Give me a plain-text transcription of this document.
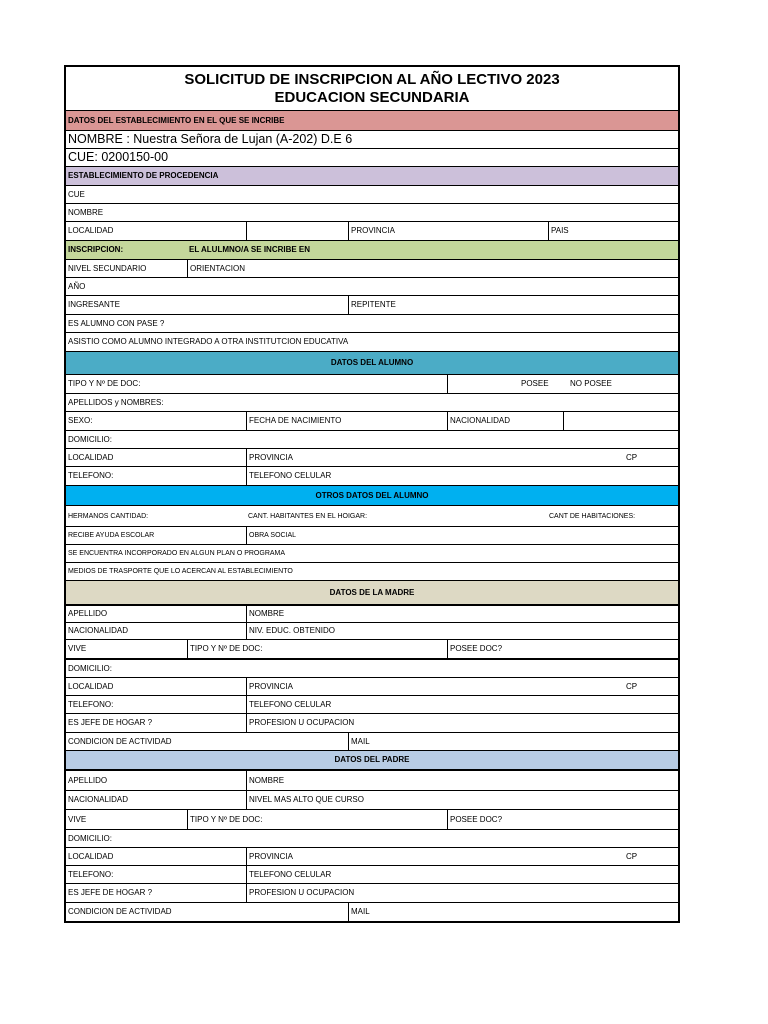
SOLICITUD DE INSCRIPCION AL AÑO LECTIVO 2023
EDUCACION SECUNDARIA
DATOS DEL ESTABLECIMIENTO EN EL QUE SE INCRIBE
NOMBRE : Nuestra Señora de Lujan (A-202) D.E 6
CUE: 0200150-00
ESTABLECIMIENTO DE PROCEDENCIA
CUE
NOMBRE
LOCALIDAD	PROVINCIA	PAIS
INSCRIPCION:	EL ALULMNO/A SE INCRIBE EN
NIVEL SECUNDARIO	ORIENTACION
AÑO
INGRESANTE	REPITENTE
ES ALUMNO CON PASE ?
ASISTIO COMO ALUMNO INTEGRADO A OTRA INSTITUTCION EDUCATIVA
DATOS DEL ALUMNO
TIPO Y Nº DE DOC:	POSEE	NO POSEE
APELLIDOS y NOMBRES:
SEXO:	FECHA DE NACIMIENTO	NACIONALIDAD
DOMICILIO:
LOCALIDAD	PROVINCIA	CP
TELEFONO:	TELEFONO CELULAR
OTROS DATOS DEL ALUMNO
HERMANOS CANTIDAD:	CANT. HABITANTES EN EL HOIGAR:	CANT DE HABITACIONES:
RECIBE AYUDA ESCOLAR	OBRA SOCIAL
SE ENCUENTRA INCORPORADO EN ALGUN PLAN O PROGRAMA
MEDIOS DE TRASPORTE QUE LO ACERCAN AL ESTABLECIMIENTO
DATOS DE LA MADRE
APELLIDO	NOMBRE
NACIONALIDAD	NIV. EDUC. OBTENIDO
VIVE	TIPO Y Nº DE DOC:	POSEE DOC?
DOMICILIO:
LOCALIDAD	PROVINCIA	CP
TELEFONO:	TELEFONO CELULAR
ES JEFE DE HOGAR ?	PROFESION U OCUPACION
CONDICION DE ACTIVIDAD	MAIL
DATOS DEL PADRE
APELLIDO	NOMBRE
NACIONALIDAD	NIVEL MAS ALTO QUE CURSO
VIVE	TIPO Y Nº DE DOC:	POSEE DOC?
DOMICILIO:
LOCALIDAD	PROVINCIA	CP
TELEFONO:	TELEFONO CELULAR
ES JEFE DE HOGAR ?	PROFESION U OCUPACION
CONDICION DE ACTIVIDAD	MAIL
